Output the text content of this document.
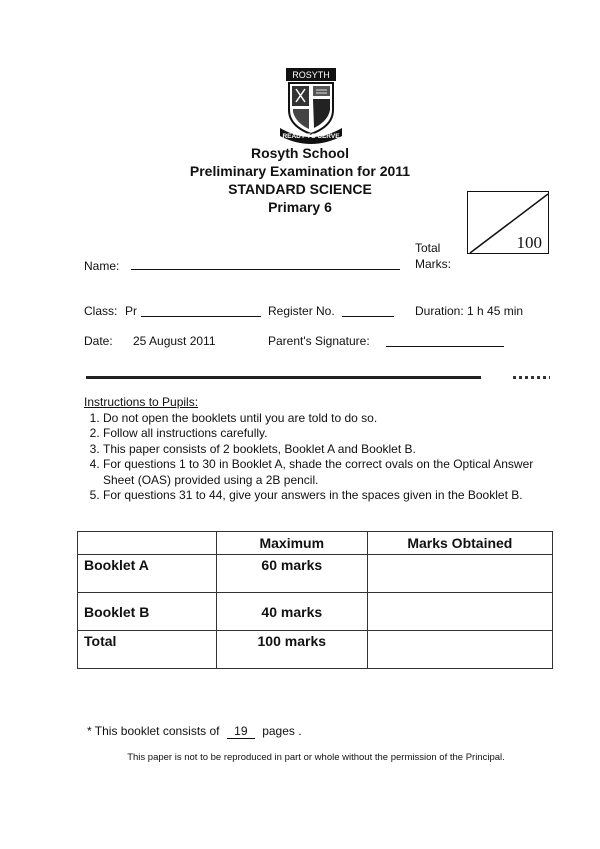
ROSYTH
READY TO SERVE
Rosyth School
Preliminary Examination for 2011
STANDARD SCIENCE
Primary 6
Total
Marks:
100
Name:
Class: Pr	Register No.	Duration: 1 h 45 min
Date: 25 August 2011	Parent's Signature:
Instructions to Pupils:
1. Do not open the booklets until you are told to do so.
2. Follow all instructions carefully.
3. This paper consists of 2 booklets, Booklet A and Booklet B.
4. For questions 1 to 30 in Booklet A, shade the correct ovals on the Optical Answer Sheet (OAS) provided using a 2B pencil.
5. For questions 31 to 44, give your answers in the spaces given in the Booklet B.
	Maximum	Marks Obtained
Booklet A	60 marks	
Booklet B	40 marks	
Total	100 marks	
* This booklet consists of 19 pages .
This paper is not to be reproduced in part or whole without the permission of the Principal.
